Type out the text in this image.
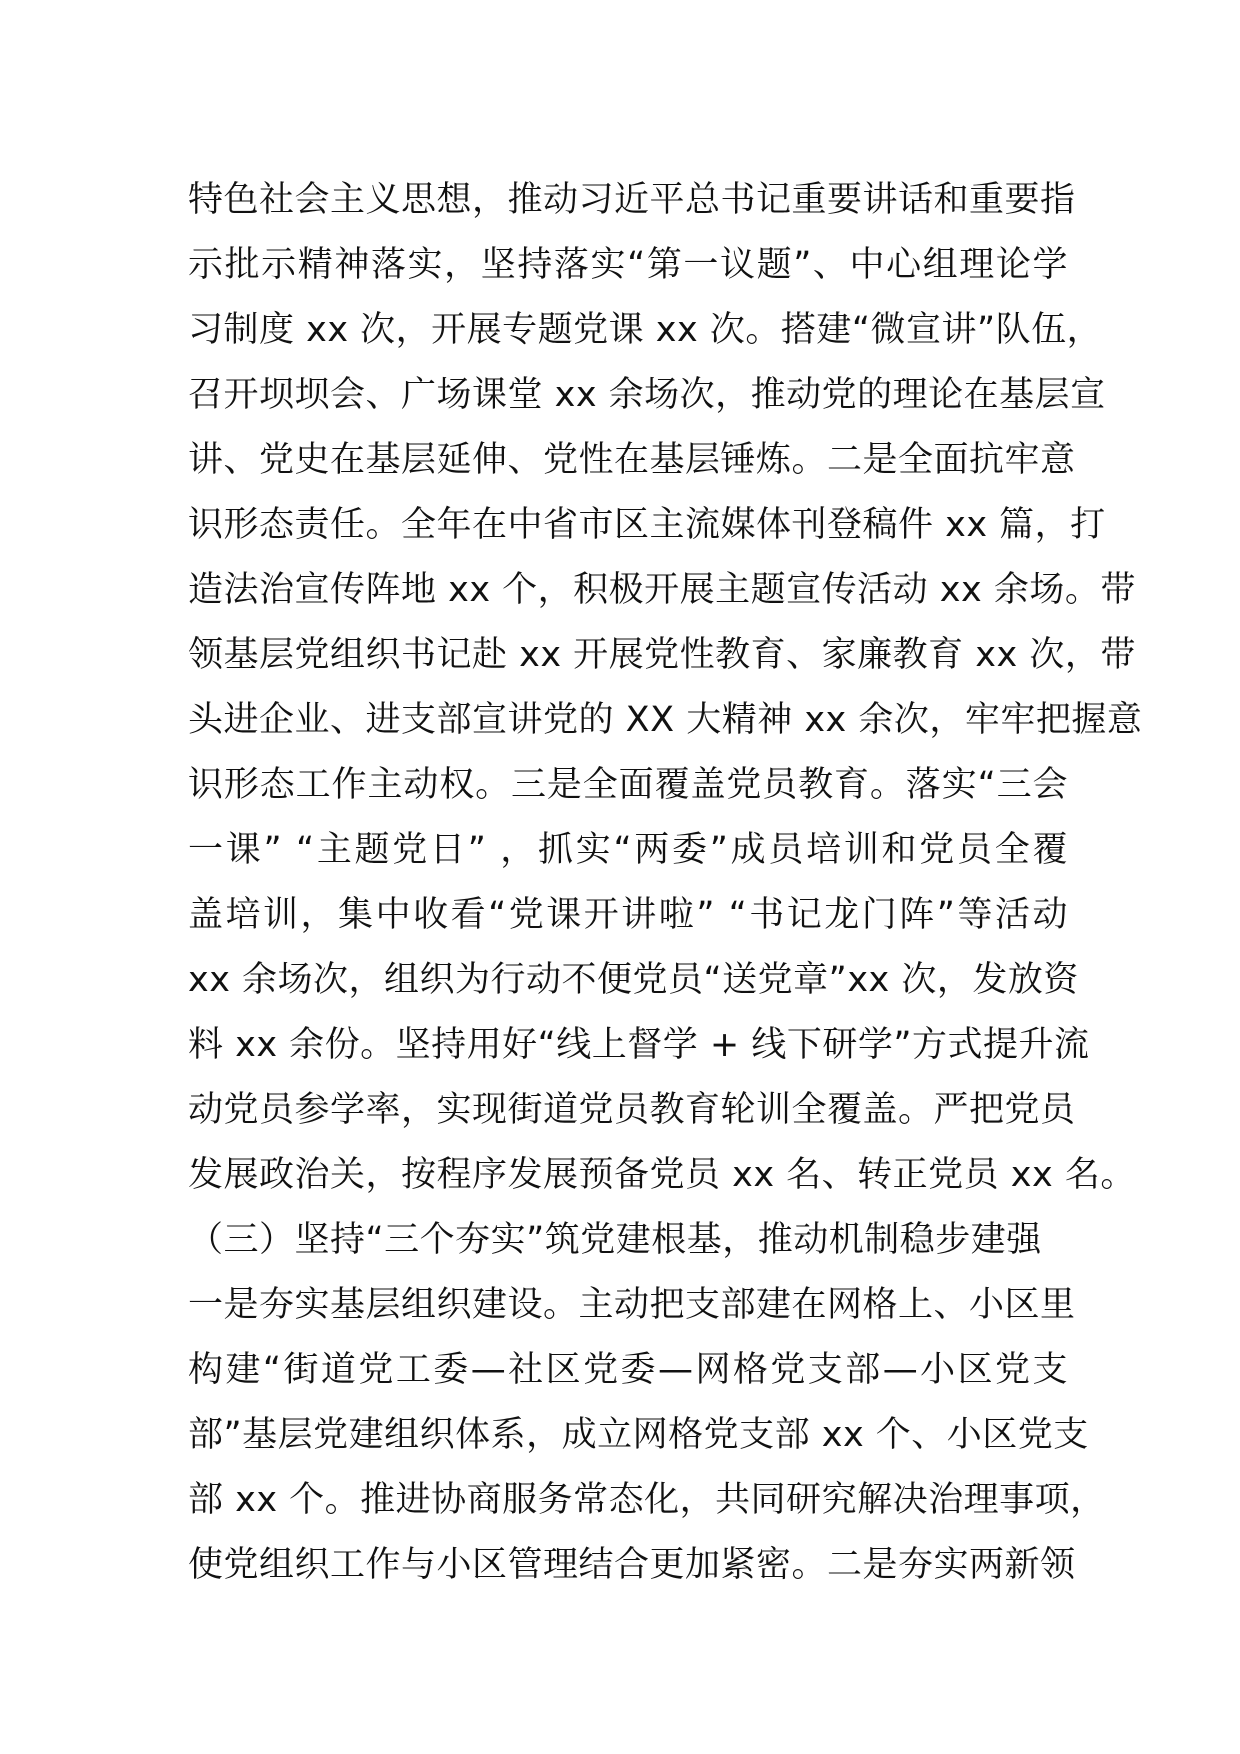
特色社会主义思想，推动习近平总书记重要讲话和重要指
示批示精神落实，坚持落实“第一议题”、中心组理论学
习制度 xx 次，开展专题党课 xx 次。搭建“微宣讲”队伍，
召开坝坝会、广场课堂 xx 余场次，推动党的理论在基层宣
讲、党史在基层延伸、党性在基层锤炼。二是全面抗牢意
识形态责任。全年在中省市区主流媒体刊登稿件 xx 篇，打
造法治宣传阵地 xx 个，积极开展主题宣传活动 xx 余场。带
领基层党组织书记赴 xx 开展党性教育、家廉教育 xx 次，带
头进企业、进支部宣讲党的 XX 大精神 xx 余次，牢牢把握意
识形态工作主动权。三是全面覆盖党员教育。落实“三会
一课” “主题党日” ，抓实“两委”成员培训和党员全覆
盖培训，集中收看“党课开讲啦” “书记龙门阵”等活动
xx 余场次，组织为行动不便党员“送党章”xx 次，发放资
料 xx 余份。坚持用好“线上督学 + 线下研学”方式提升流
动党员参学率，实现街道党员教育轮训全覆盖。严把党员
发展政治关，按程序发展预备党员 xx 名、转正党员 xx 名。
（三）坚持“三个夯实”筑党建根基，推动机制稳步建强
一是夯实基层组织建设。主动把支部建在网格上、小区里
构建“街道党工委—社区党委—网格党支部—小区党支
部”基层党建组织体系，成立网格党支部 xx 个、小区党支
部 xx 个。推进协商服务常态化，共同研究解决治理事项，
使党组织工作与小区管理结合更加紧密。二是夯实两新领
